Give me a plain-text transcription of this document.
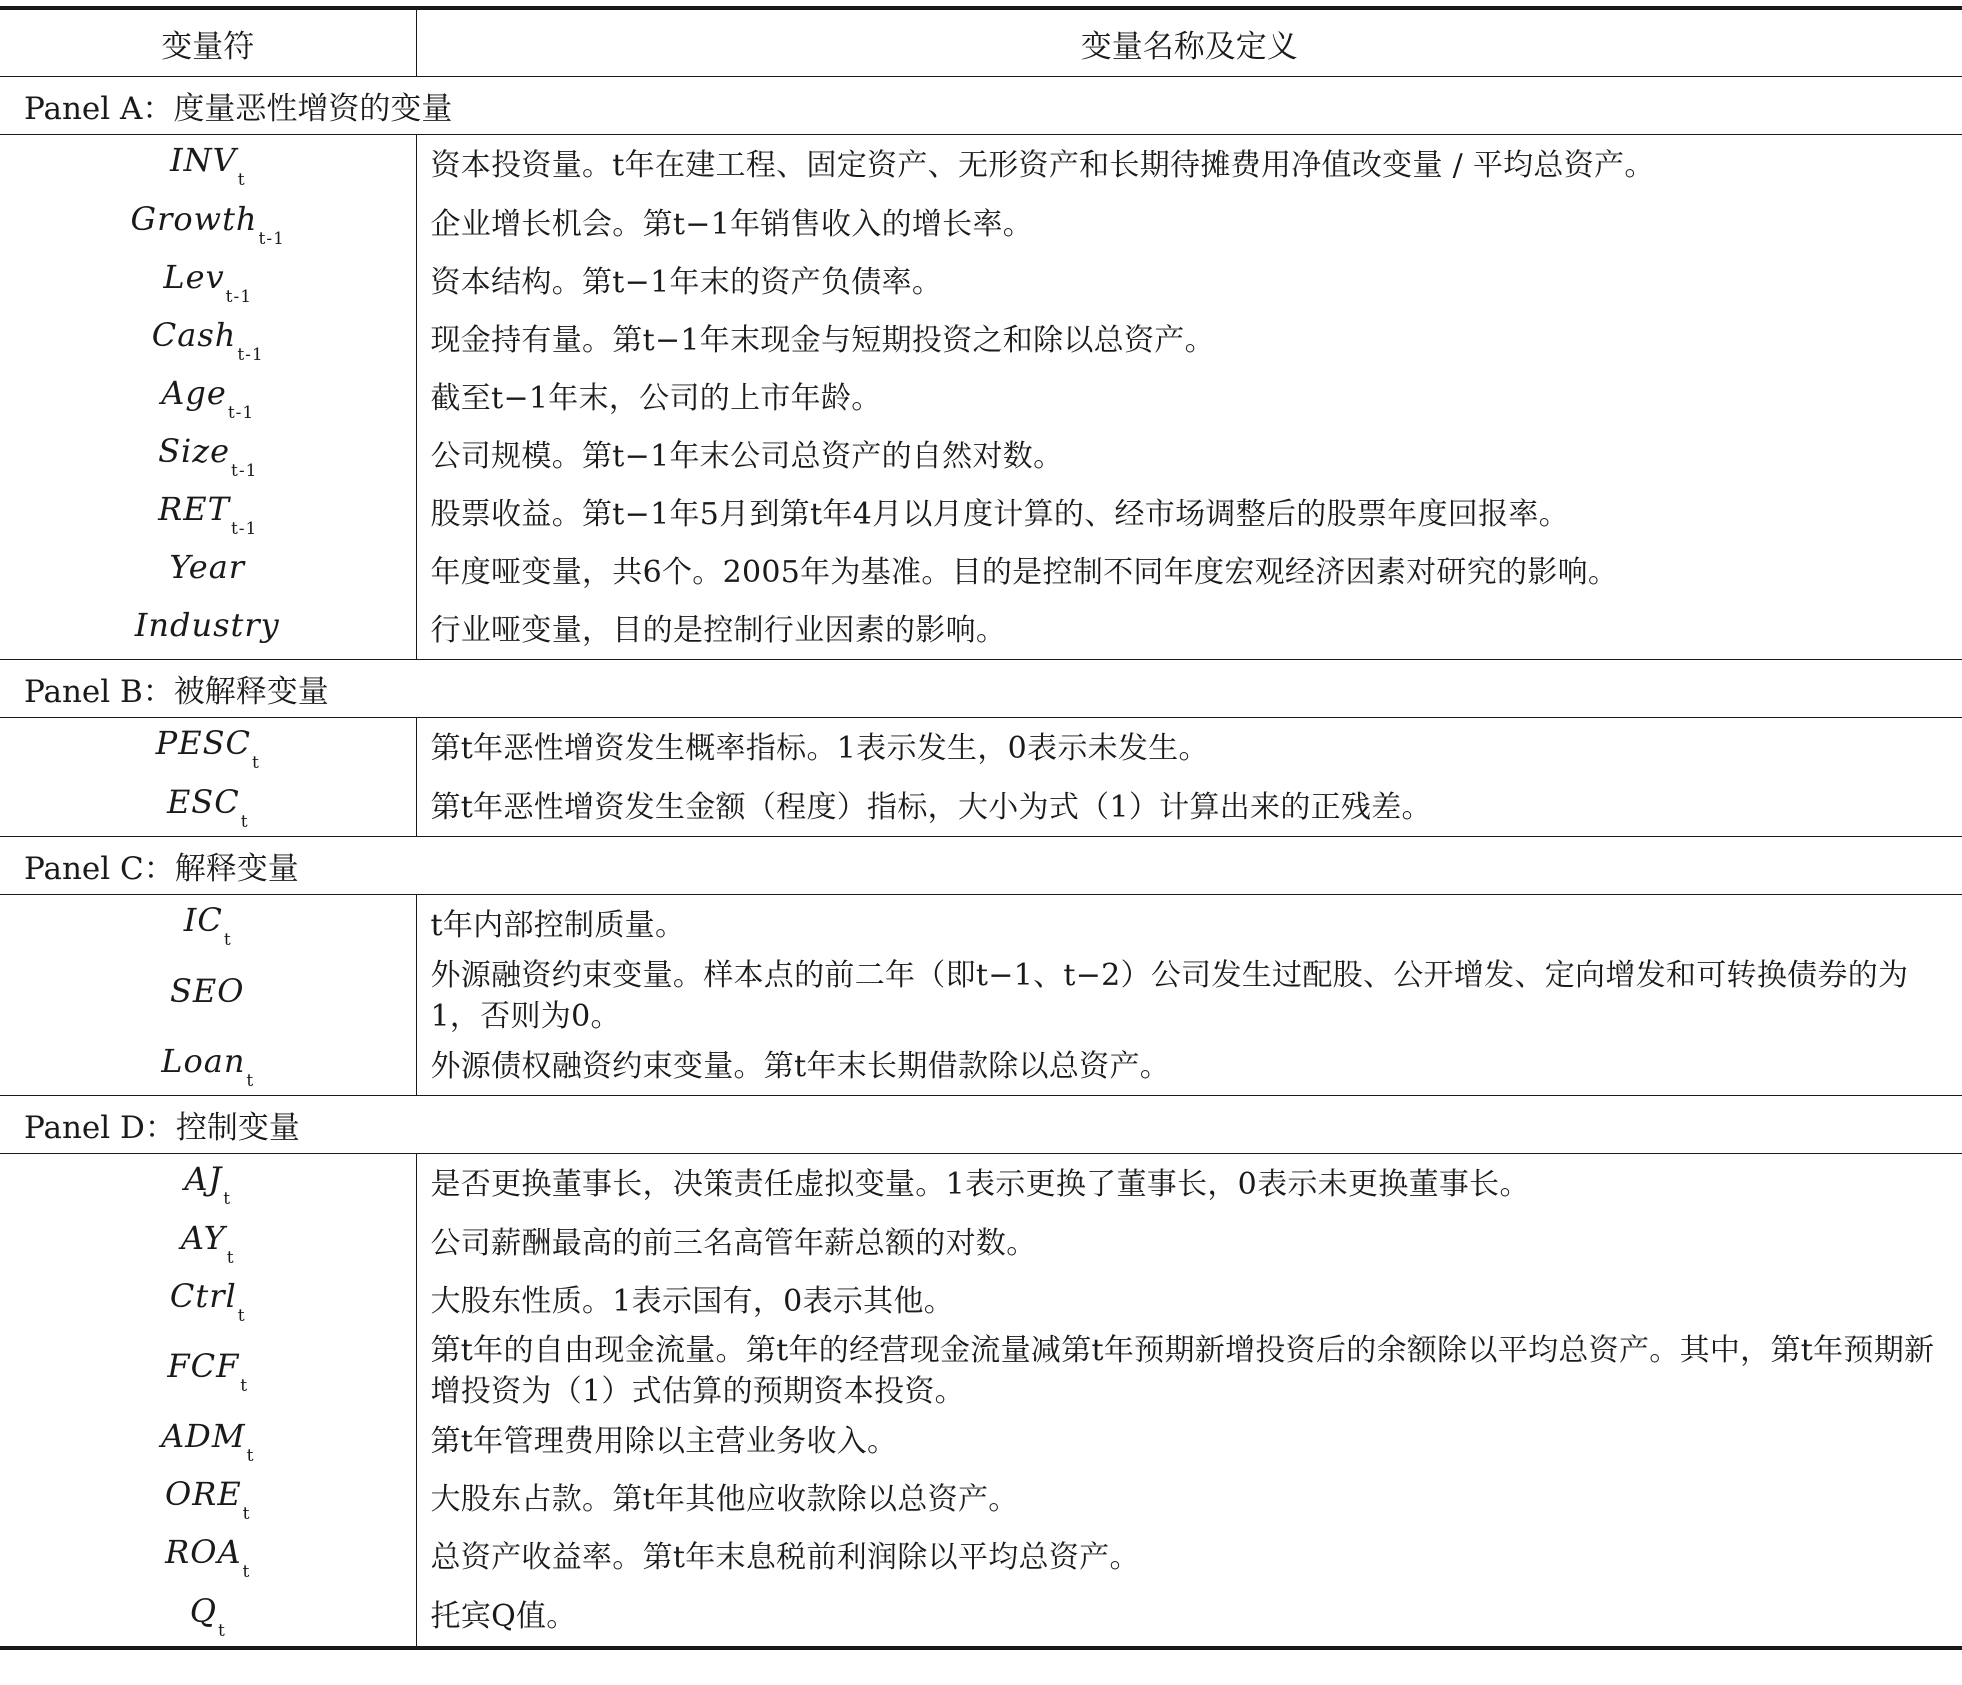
变量符	变量名称及定义
Panel A：度量恶性增资的变量	
$INV_t$	资本投资量。t年在建工程、固定资产、无形资产和长期待摊费用净值改变量 / 平均总资产。
Growth$_{t-1}$	企业增长机会。第t−1年销售收入的增长率。
Lev$_{t-1}$	资本结构。第t−1年末的资产负债率。
Cash$_{t-1}$	现金持有量。第t−1年末现金与短期投资之和除以总资产。
Age$_{t-1}$	截至t−1年末，公司的上市年龄。
Size$_{t-1}$	公司规模。第t−1年末公司总资产的自然对数。
$RET_{t-1}$	股票收益。第t−1年5月到第t年4月以月度计算的、经市场调整后的股票年度回报率。
Year	年度哑变量，共6个。2005年为基准。目的是控制不同年度宏观经济因素对研究的影响。
Industry	行业哑变量，目的是控制行业因素的影响。
Panel B：被解释变量	
$PESC_t$	第t年恶性增资发生概率指标。1表示发生，0表示未发生。
$ESC_t$	第t年恶性增资发生金额（程度）指标，大小为式（1）计算出来的正残差。
Panel C：解释变量	
$IC_t$	t年内部控制质量。
SEO	外源融资约束变量。样本点的前二年（即t−1、t−2）公司发生过配股、公开增发、定向增发和可转换债券的为1，否则为0。
Loan$_t$	外源债权融资约束变量。第t年末长期借款除以总资产。
Panel D：控制变量	
$AJ_t$	是否更换董事长，决策责任虚拟变量。1表示更换了董事长，0表示未更换董事长。
$AY_t$	公司薪酬最高的前三名高管年薪总额的对数。
Ctrl$_t$	大股东性质。1表示国有，0表示其他。
$FCF_t$	第t年的自由现金流量。第t年的经营现金流量减第t年预期新增投资后的余额除以平均总资产。其中，第t年预期新增投资为（1）式估算的预期资本投资。
$ADM_t$	第t年管理费用除以主营业务收入。
$ORE_t$	大股东占款。第t年其他应收款除以总资产。
$ROA_t$	总资产收益率。第t年末息税前利润除以平均总资产。
$Q_t$	托宾Q值。
